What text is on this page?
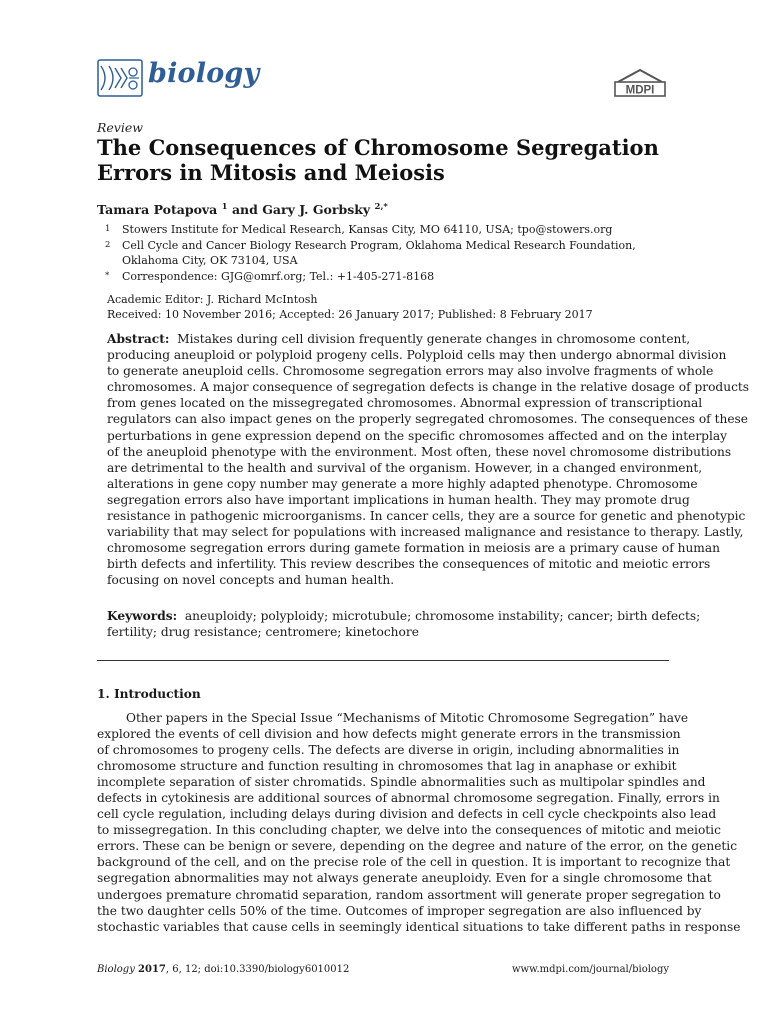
biology
MDPI
Review
The Consequences of Chromosome Segregation
Errors in Mitosis and Meiosis
Tamara Potapova $^1$ and Gary J. Gorbsky $^{2,*}$
1	Stowers Institute for Medical Research, Kansas City, MO 64110, USA; tpo@stowers.org
2	Cell Cycle and Cancer Biology Research Program, Oklahoma Medical Research Foundation,
Oklahoma City, OK 73104, USA
*	Correspondence: GJG@omrf.org; Tel.: +1-405-271-8168
Academic Editor: J. Richard McIntosh
Received: 10 November 2016; Accepted: 26 January 2017; Published: 8 February 2017
Abstract: Mistakes during cell division frequently generate changes in chromosome content,
producing aneuploid or polyploid progeny cells. Polyploid cells may then undergo abnormal division
to generate aneuploid cells. Chromosome segregation errors may also involve fragments of whole
chromosomes. A major consequence of segregation defects is change in the relative dosage of products
from genes located on the missegregated chromosomes. Abnormal expression of transcriptional
regulators can also impact genes on the properly segregated chromosomes. The consequences of these
perturbations in gene expression depend on the specific chromosomes affected and on the interplay
of the aneuploid phenotype with the environment. Most often, these novel chromosome distributions
are detrimental to the health and survival of the organism. However, in a changed environment,
alterations in gene copy number may generate a more highly adapted phenotype. Chromosome
segregation errors also have important implications in human health. They may promote drug
resistance in pathogenic microorganisms. In cancer cells, they are a source for genetic and phenotypic
variability that may select for populations with increased malignance and resistance to therapy. Lastly,
chromosome segregation errors during gamete formation in meiosis are a primary cause of human
birth defects and infertility. This review describes the consequences of mitotic and meiotic errors
focusing on novel concepts and human health.
Keywords: aneuploidy; polyploidy; microtubule; chromosome instability; cancer; birth defects;
fertility; drug resistance; centromere; kinetochore
1. Introduction
Other papers in the Special Issue “Mechanisms of Mitotic Chromosome Segregation” have
explored the events of cell division and how defects might generate errors in the transmission
of chromosomes to progeny cells. The defects are diverse in origin, including abnormalities in
chromosome structure and function resulting in chromosomes that lag in anaphase or exhibit
incomplete separation of sister chromatids. Spindle abnormalities such as multipolar spindles and
defects in cytokinesis are additional sources of abnormal chromosome segregation. Finally, errors in
cell cycle regulation, including delays during division and defects in cell cycle checkpoints also lead
to missegregation. In this concluding chapter, we delve into the consequences of mitotic and meiotic
errors. These can be benign or severe, depending on the degree and nature of the error, on the genetic
background of the cell, and on the precise role of the cell in question. It is important to recognize that
segregation abnormalities may not always generate aneuploidy. Even for a single chromosome that
undergoes premature chromatid separation, random assortment will generate proper segregation to
the two daughter cells 50% of the time. Outcomes of improper segregation are also influenced by
stochastic variables that cause cells in seemingly identical situations to take different paths in response
Biology 2017, 6, 12; doi:10.3390/biology6010012	www.mdpi.com/journal/biology
